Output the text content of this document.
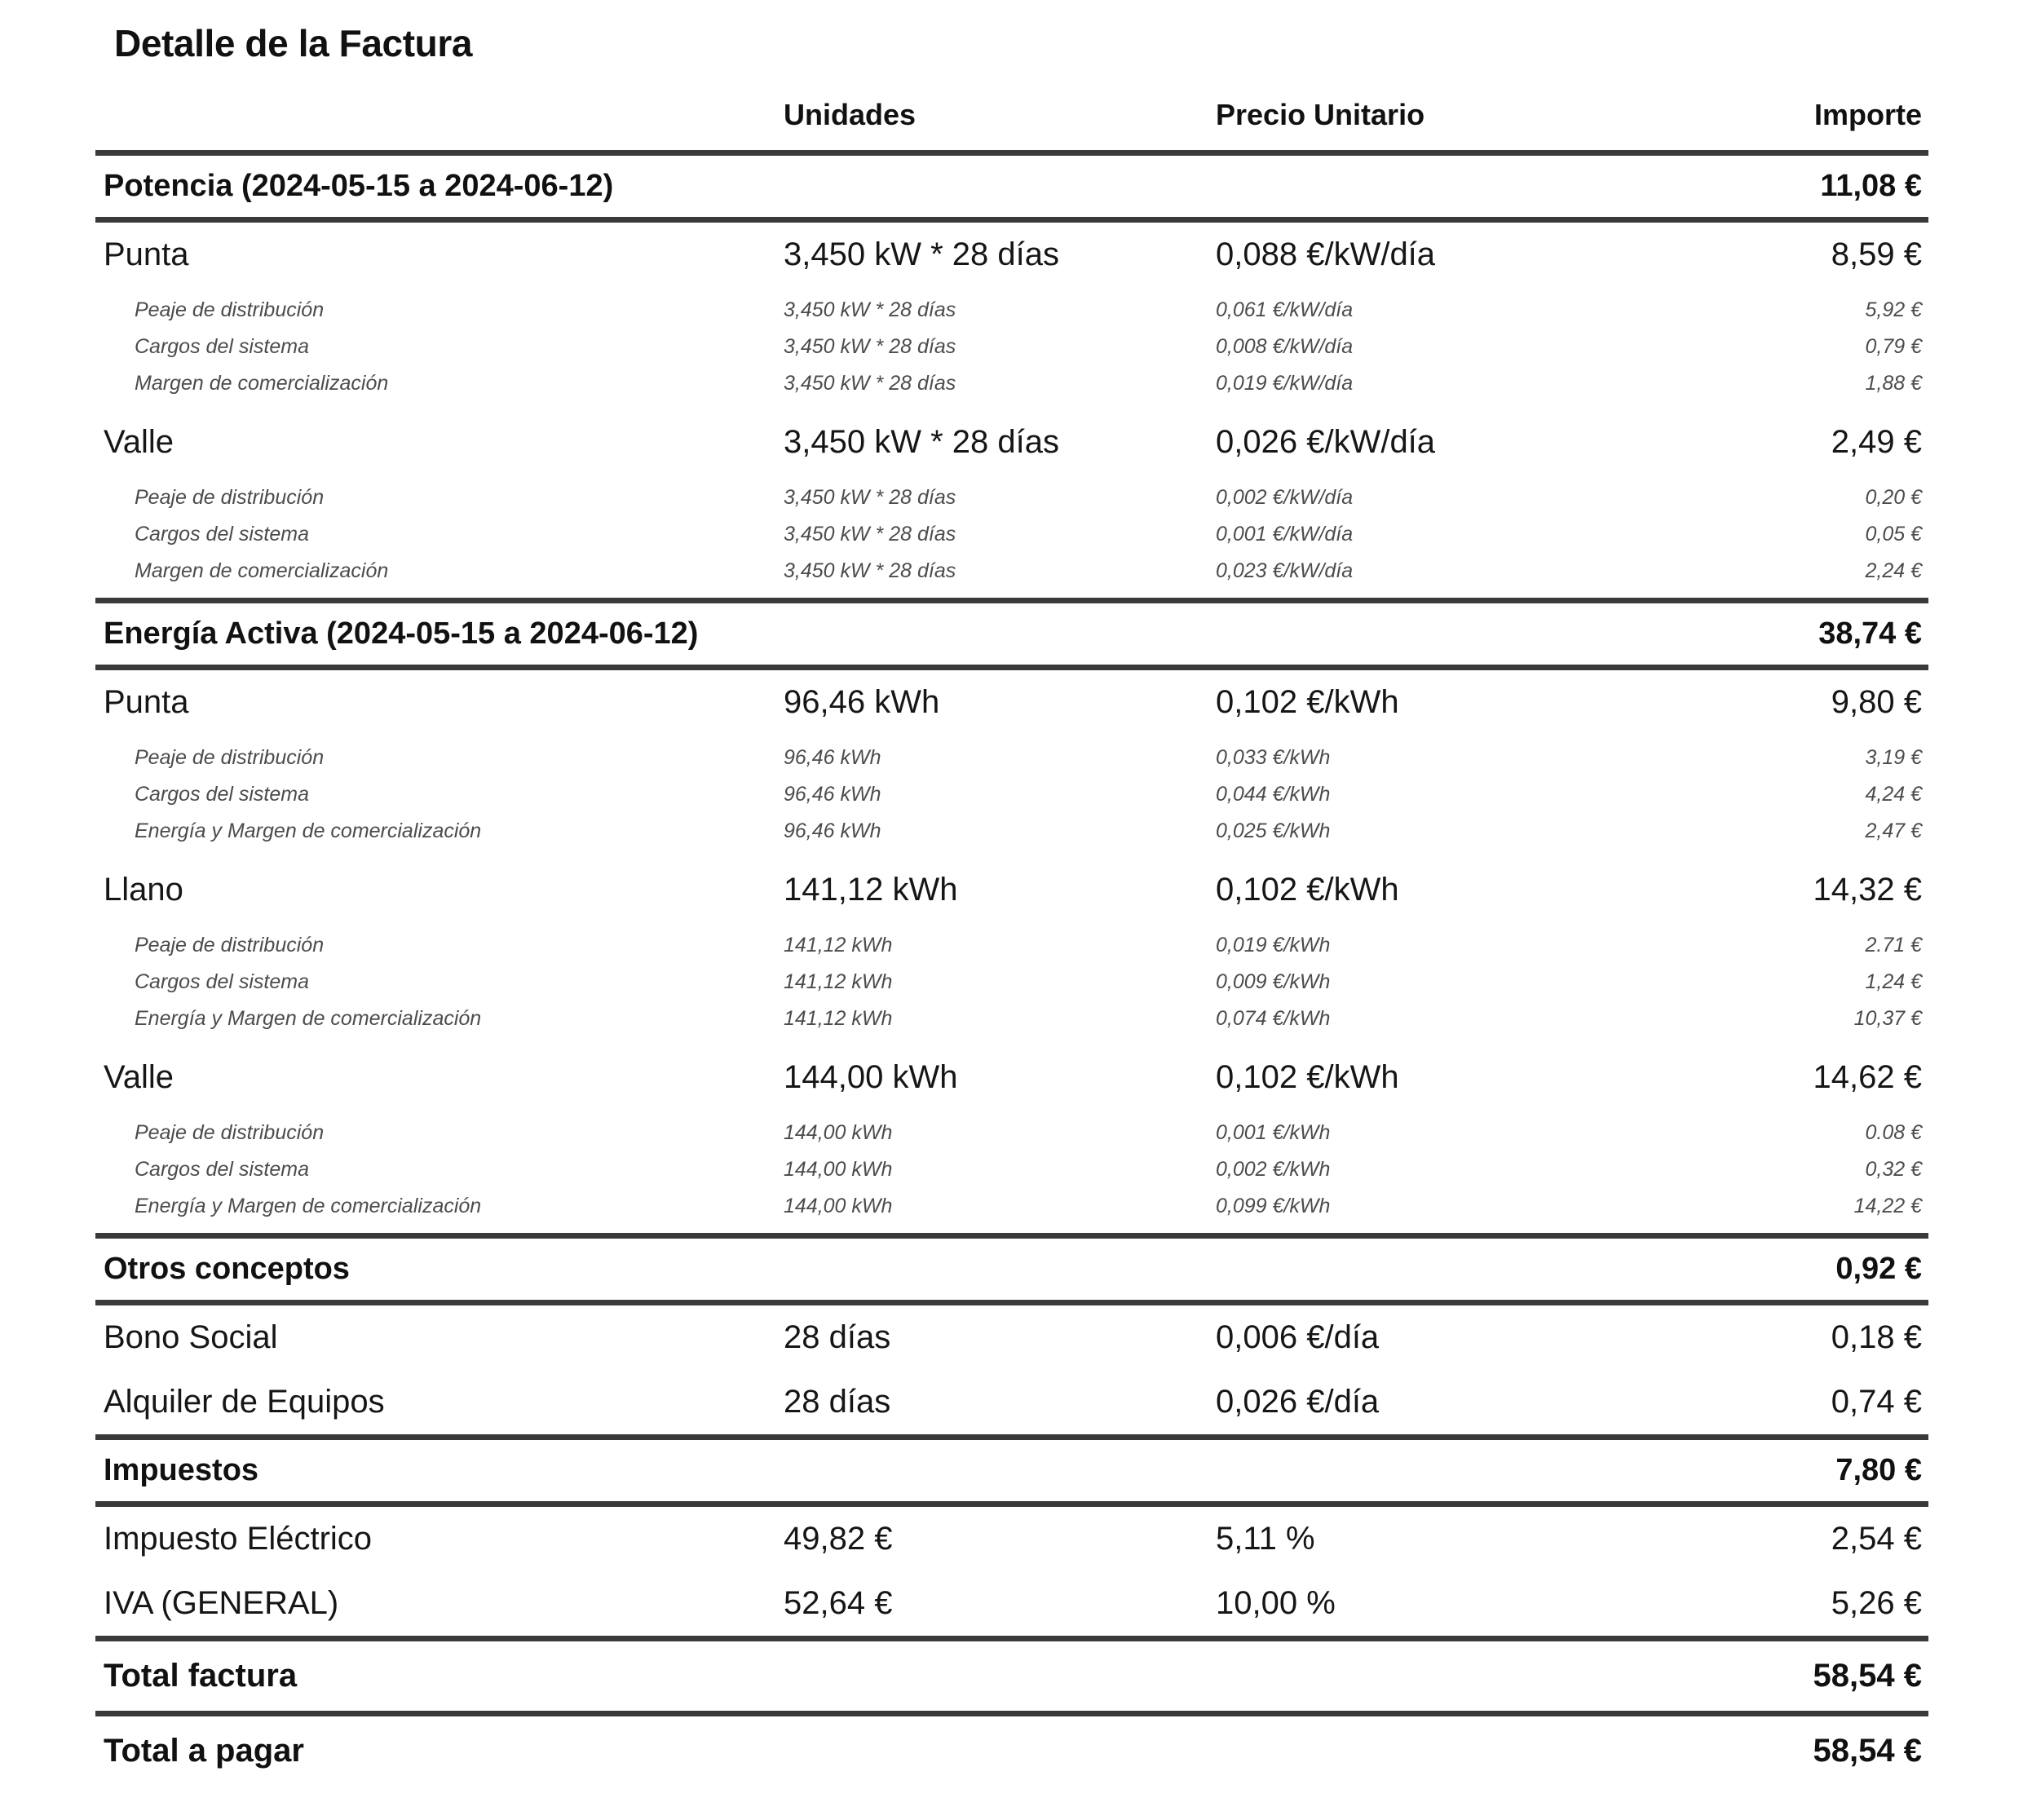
Detalle de la Factura
	Unidades	Precio Unitario	Importe
Potencia (2024-05-15 a 2024-06-12)			11,08 €
Punta	3,450 kW * 28 días	0,088 €/kW/día	8,59 €
Peaje de distribución	3,450 kW * 28 días	0,061 €/kW/día	5,92 €
Cargos del sistema	3,450 kW * 28 días	0,008 €/kW/día	0,79 €
Margen de comercialización	3,450 kW * 28 días	0,019 €/kW/día	1,88 €
Valle	3,450 kW * 28 días	0,026 €/kW/día	2,49 €
Peaje de distribución	3,450 kW * 28 días	0,002 €/kW/día	0,20 €
Cargos del sistema	3,450 kW * 28 días	0,001 €/kW/día	0,05 €
Margen de comercialización	3,450 kW * 28 días	0,023 €/kW/día	2,24 €
Energía Activa (2024-05-15 a 2024-06-12)			38,74 €
Punta	96,46 kWh	0,102 €/kWh	9,80 €
Peaje de distribución	96,46 kWh	0,033 €/kWh	3,19 €
Cargos del sistema	96,46 kWh	0,044 €/kWh	4,24 €
Energía y Margen de comercialización	96,46 kWh	0,025 €/kWh	2,47 €
Llano	141,12 kWh	0,102 €/kWh	14,32 €
Peaje de distribución	141,12 kWh	0,019 €/kWh	2.71 €
Cargos del sistema	141,12 kWh	0,009 €/kWh	1,24 €
Energía y Margen de comercialización	141,12 kWh	0,074 €/kWh	10,37 €
Valle	144,00 kWh	0,102 €/kWh	14,62 €
Peaje de distribución	144,00 kWh	0,001 €/kWh	0.08 €
Cargos del sistema	144,00 kWh	0,002 €/kWh	0,32 €
Energía y Margen de comercialización	144,00 kWh	0,099 €/kWh	14,22 €
Otros conceptos			0,92 €
Bono Social	28 días	0,006 €/día	0,18 €
Alquiler de Equipos	28 días	0,026 €/día	0,74 €
Impuestos			7,80 €
Impuesto Eléctrico	49,82 €	5,11 %	2,54 €
IVA (GENERAL)	52,64 €	10,00 %	5,26 €
Total factura			58,54 €
Total a pagar			58,54 €
